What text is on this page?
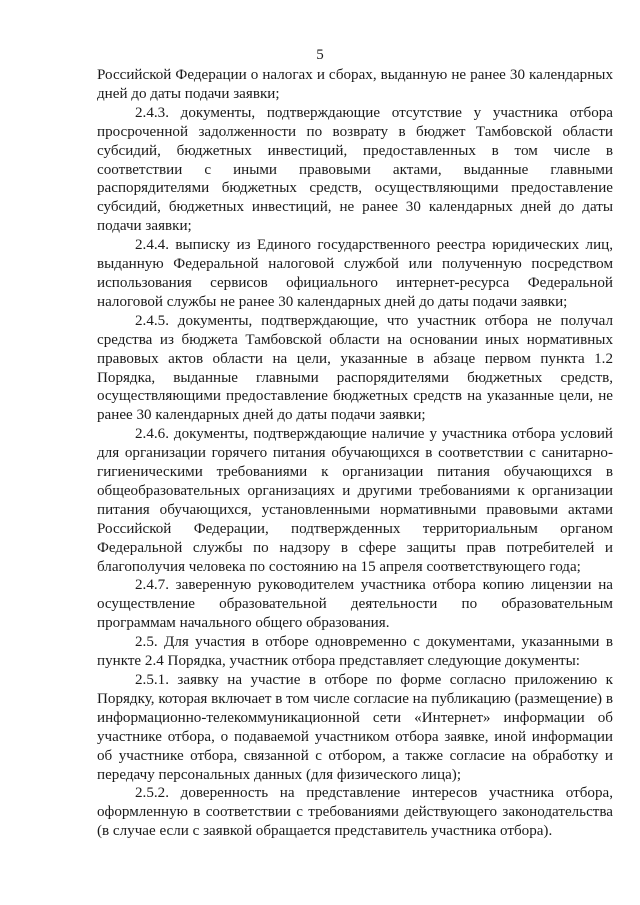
5

Российской Федерации о налогах и сборах, выданную не ранее 30 календарных дней до даты подачи заявки;

2.4.3. документы, подтверждающие отсутствие у участника отбора просроченной задолженности по возврату в бюджет Тамбовской области субсидий, бюджетных инвестиций, предоставленных в том числе в соответствии с иными правовыми актами, выданные главными распорядителями бюджетных средств, осуществляющими предоставление субсидий, бюджетных инвестиций, не ранее 30 календарных дней до даты подачи заявки;

2.4.4. выписку из Единого государственного реестра юридических лиц, выданную Федеральной налоговой службой или полученную посредством использования сервисов официального интернет-ресурса Федеральной налоговой службы не ранее 30 календарных дней до даты подачи заявки;

2.4.5. документы, подтверждающие, что участник отбора не получал средства из бюджета Тамбовской области на основании иных нормативных правовых актов области на цели, указанные в абзаце первом пункта 1.2 Порядка, выданные главными распорядителями бюджетных средств, осуществляющими предоставление бюджетных средств на указанные цели, не ранее 30 календарных дней до даты подачи заявки;

2.4.6. документы, подтверждающие наличие у участника отбора условий для организации горячего питания обучающихся в соответствии с санитарно-гигиеническими требованиями к организации питания обучающихся в общеобразовательных организациях и другими требованиями к организации питания обучающихся, установленными нормативными правовыми актами Российской Федерации, подтвержденных территориальным органом Федеральной службы по надзору в сфере защиты прав потребителей и благополучия человека по состоянию на 15 апреля соответствующего года;

2.4.7. заверенную руководителем участника отбора копию лицензии на осуществление образовательной деятельности по образовательным программам начального общего образования.

2.5. Для участия в отборе одновременно с документами, указанными в пункте 2.4 Порядка, участник отбора представляет следующие документы:

2.5.1. заявку на участие в отборе по форме согласно приложению к Порядку, которая включает в том числе согласие на публикацию (размещение) в информационно-телекоммуникационной сети «Интернет» информации об участнике отбора, о подаваемой участником отбора заявке, иной информации об участнике отбора, связанной с отбором, а также согласие на обработку и передачу персональных данных (для физического лица);

2.5.2. доверенность на представление интересов участника отбора, оформленную в соответствии с требованиями действующего законодательства (в случае если с заявкой обращается представитель участника отбора).
